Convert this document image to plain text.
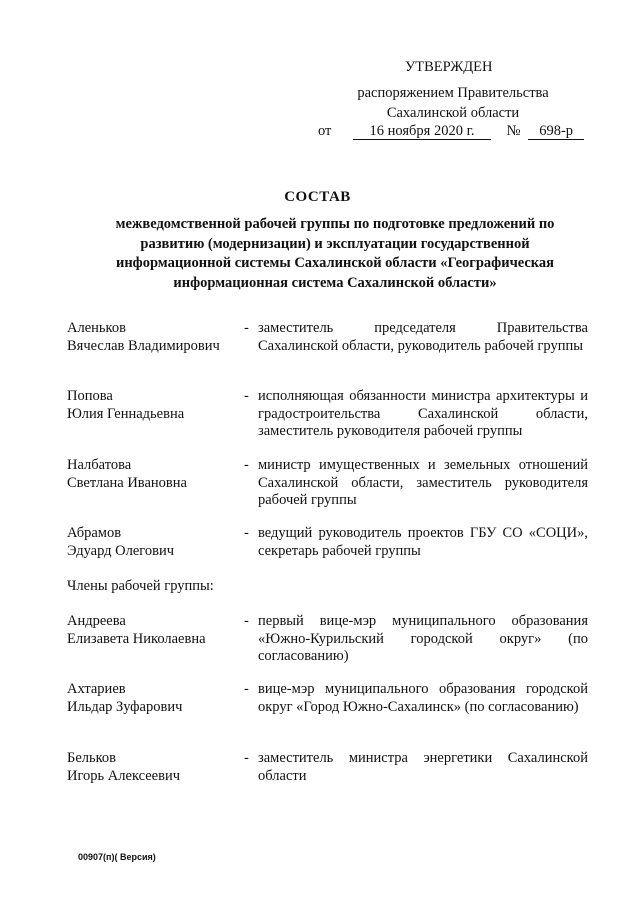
УТВЕРЖДЕН
распоряжением Правительства
Сахалинской области
от	16 ноября 2020 г. № 698-р
СОСТАВ
межведомственной рабочей группы по подготовке предложений по развитию (модернизации) и эксплуатации государственной информационной системы Сахалинской области «Географическая информационная система Сахалинской области»
Аленьков
Вячеслав Владимирович
- заместитель председателя Правительства Сахалинской области, руководитель рабочей группы
Попова
Юлия Геннадьевна
- исполняющая обязанности министра архитектуры и градостроительства Сахалинской области, заместитель руководителя рабочей группы
Налбатова
Светлана Ивановна
- министр имущественных и земельных отношений Сахалинской области, заместитель руководителя рабочей группы
Абрамов
Эдуард Олегович
- ведущий руководитель проектов ГБУ СО «СОЦИ», секретарь рабочей группы
Члены рабочей группы:
Андреева
Елизавета Николаевна
- первый вице-мэр муниципального образования «Южно-Курильский городской округ» (по согласованию)
Ахтариев
Ильдар Зуфарович
- вице-мэр муниципального образования городской округ «Город Южно-Сахалинск» (по согласованию)
Бельков
Игорь Алексеевич
- заместитель министра энергетики Сахалинской области
00907(п)( Версия)
